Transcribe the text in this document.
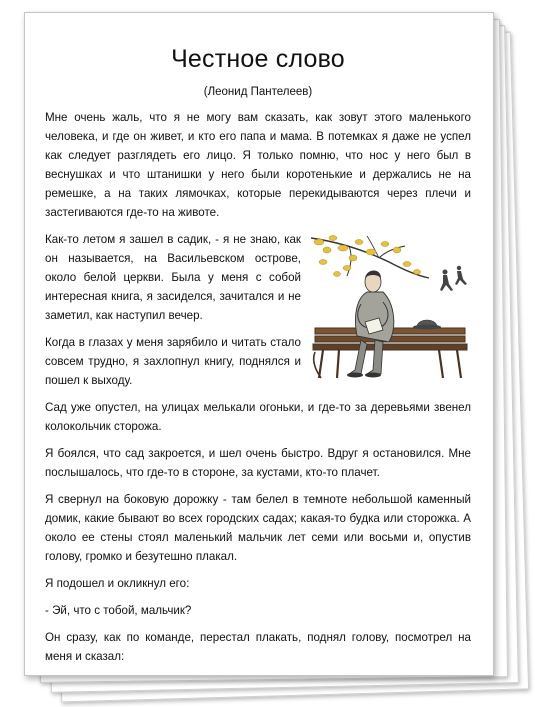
Честное слово
(Леонид Пантелеев)

Мне очень жаль, что я не могу вам сказать, как зовут этого маленького человека, и где он живет, и кто его папа и мама. В потемках я даже не успел как следует разглядеть его лицо. Я только помню, что нос у него был в веснушках и что штанишки у него были коротенькие и держались не на ремешке, а на таких лямочках, которые перекидываются через плечи и застегиваются где-то на животе.

Как-то летом я зашел в садик, - я не знаю, как он называется, на Васильевском острове, около белой церкви. Была у меня с собой интересная книга, я засиделся, зачитался и не заметил, как наступил вечер.

Когда в глазах у меня зарябило и читать стало совсем трудно, я захлопнул книгу, поднялся и пошел к выходу.

Сад уже опустел, на улицах мелькали огоньки, и где-то за деревьями звенел колокольчик сторожа.

Я боялся, что сад закроется, и шел очень быстро. Вдруг я остановился. Мне послышалось, что где-то в стороне, за кустами, кто-то плачет.

Я свернул на боковую дорожку - там белел в темноте небольшой каменный домик, какие бывают во всех городских садах; какая-то будка или сторожка. А около ее стены стоял маленький мальчик лет семи или восьми и, опустив голову, громко и безутешно плакал.

Я подошел и окликнул его:

- Эй, что с тобой, мальчик?

Он сразу, как по команде, перестал плакать, поднял голову, посмотрел на меня и сказал:
